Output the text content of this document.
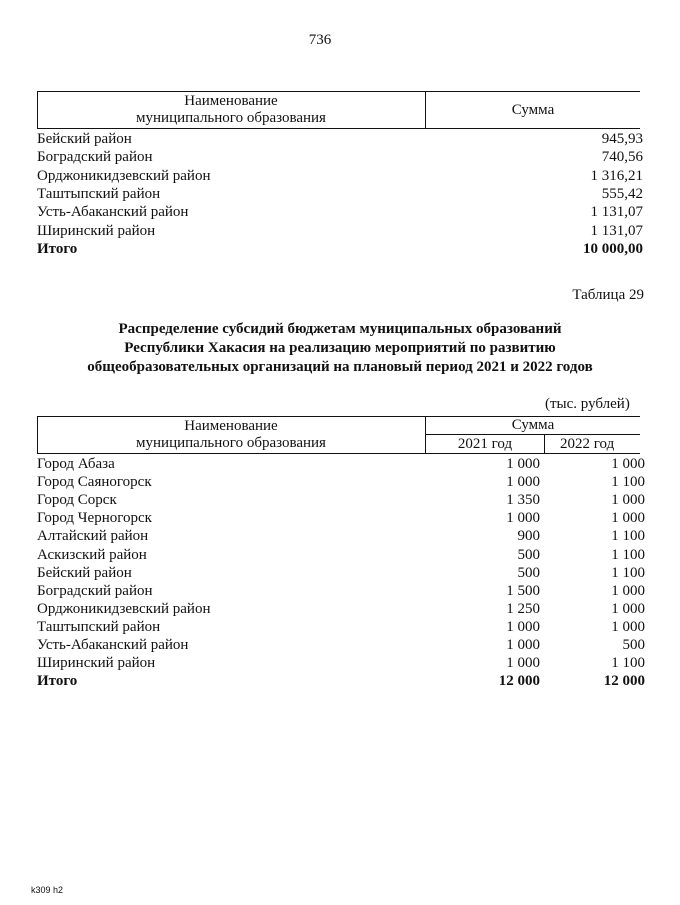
736
Наименование
муниципального образования	Сумма
Бейский район	945,93
Боградский район	740,56
Орджоникидзевский район	1 316,21
Таштыпский район	555,42
Усть-Абаканский район	1 131,07
Ширинский район	1 131,07
Итого	10 000,00
Таблица 29
Распределение субсидий бюджетам муниципальных образований
Республики Хакасия на реализацию мероприятий по развитию
общеобразовательных организаций на плановый период 2021 и 2022 годов
(тыс. рублей)
Наименование
муниципального образования
Сумма
2021 год	2022 год
Город Абаза	1 000	1 000
Город Саяногорск	1 000	1 100
Город Сорск	1 350	1 000
Город Черногорск	1 000	1 000
Алтайский район	900	1 100
Аскизский район	500	1 100
Бейский район	500	1 100
Боградский район	1 500	1 000
Орджоникидзевский район	1 250	1 000
Таштыпский район	1 000	1 000
Усть-Абаканский район	1 000	500
Ширинский район	1 000	1 100
Итого	12 000	12 000
k309 h2
